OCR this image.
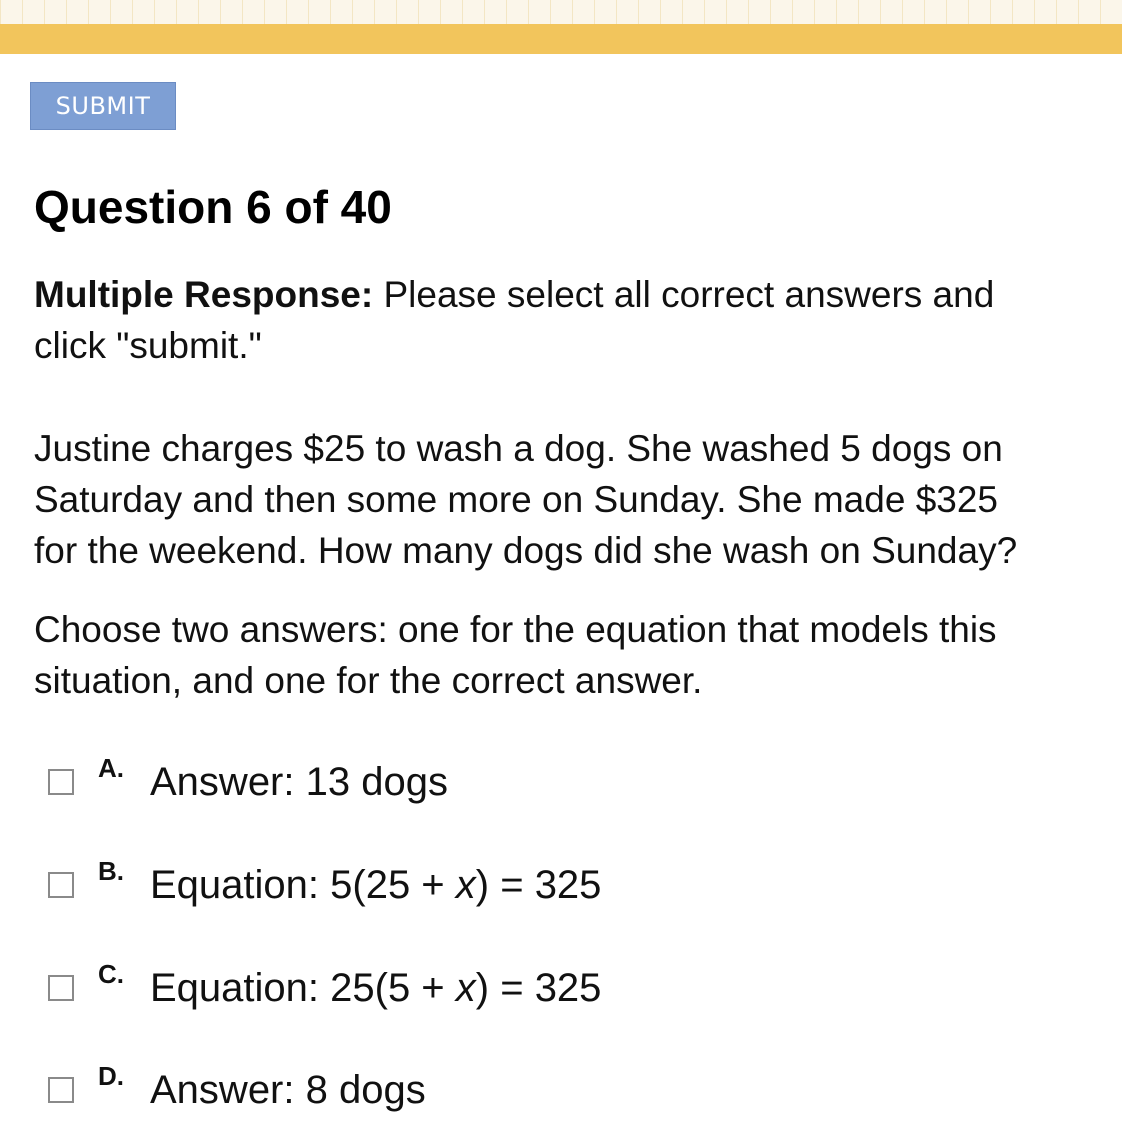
SUBMIT
Question 6 of 40
Multiple Response: Please select all correct answers and
click "submit."
Justine charges $25 to wash a dog. She washed 5 dogs on
Saturday and then some more on Sunday. She made $325
for the weekend. How many dogs did she wash on Sunday?
Choose two answers: one for the equation that models this
situation, and one for the correct answer.
A. Answer: 13 dogs
B. Equation: 5(25 + x) = 325
C. Equation: 25(5 + x) = 325
D. Answer: 8 dogs
